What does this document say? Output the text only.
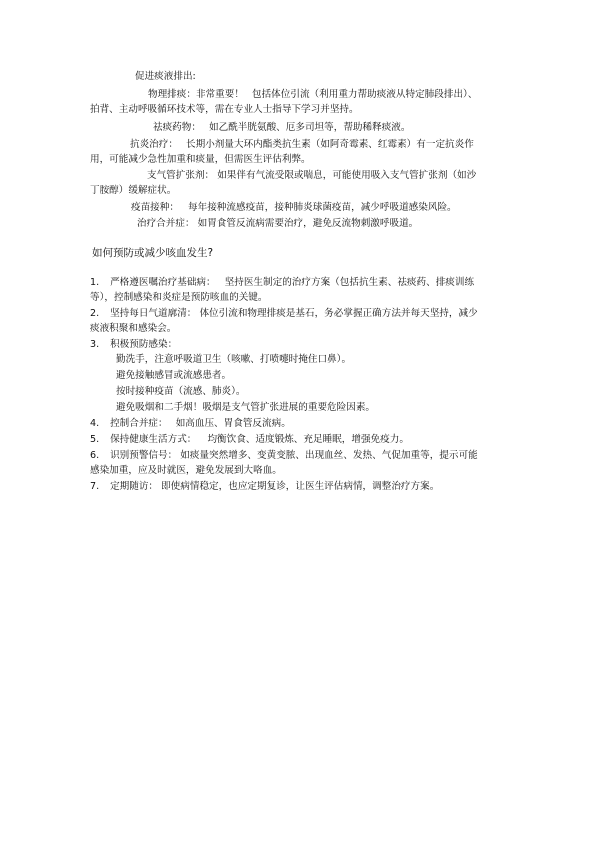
促进痰液排出:
物理排痰：非常重要！ 包括体位引流（利用重力帮助痰液从特定肺段排出）、
拍背、主动呼吸循环技术等，需在专业人士指导下学习并坚持。
祛痰药物： 如乙酰半胱氨酸、厄多司坦等，帮助稀释痰液。
抗炎治疗： 长期小剂量大环内酯类抗生素（如阿奇霉素、红霉素）有一定抗炎作
用，可能减少急性加重和痰量，但需医生评估利弊。
支气管扩张剂： 如果伴有气流受限或喘息，可能使用吸入支气管扩张剂（如沙
丁胺醇）缓解症状。
疫苗接种： 每年接种流感疫苗，接种肺炎球菌疫苗，减少呼吸道感染风险。
治疗合并症： 如胃食管反流病需要治疗，避免反流物刺激呼吸道。
如何预防或减少咳血发生?
1. 严格遵医嘱治疗基础病： 坚持医生制定的治疗方案（包括抗生素、祛痰药、排痰训练
等），控制感染和炎症是预防咳血的关键。
2. 坚持每日气道廓清： 体位引流和物理排痰是基石，务必掌握正确方法并每天坚持，减少
痰液积聚和感染会。
3. 积极预防感染：
勤洗手，注意呼吸道卫生（咳嗽、打喷嚏时掩住口鼻）。
避免接触感冒或流感患者。
按时接种疫苗（流感、肺炎）。
避免吸烟和二手烟！吸烟是支气管扩张进展的重要危险因素。
4. 控制合并症： 如高血压、胃食管反流病。
5. 保持健康生活方式： 均衡饮食、适度锻炼、充足睡眠，增强免疫力。
6. 识别预警信号： 如痰量突然增多、变黄变脓、出现血丝、发热、气促加重等，提示可能
感染加重，应及时就医，避免发展到大咯血。
7. 定期随访： 即使病情稳定，也应定期复诊，让医生评估病情，调整治疗方案。
